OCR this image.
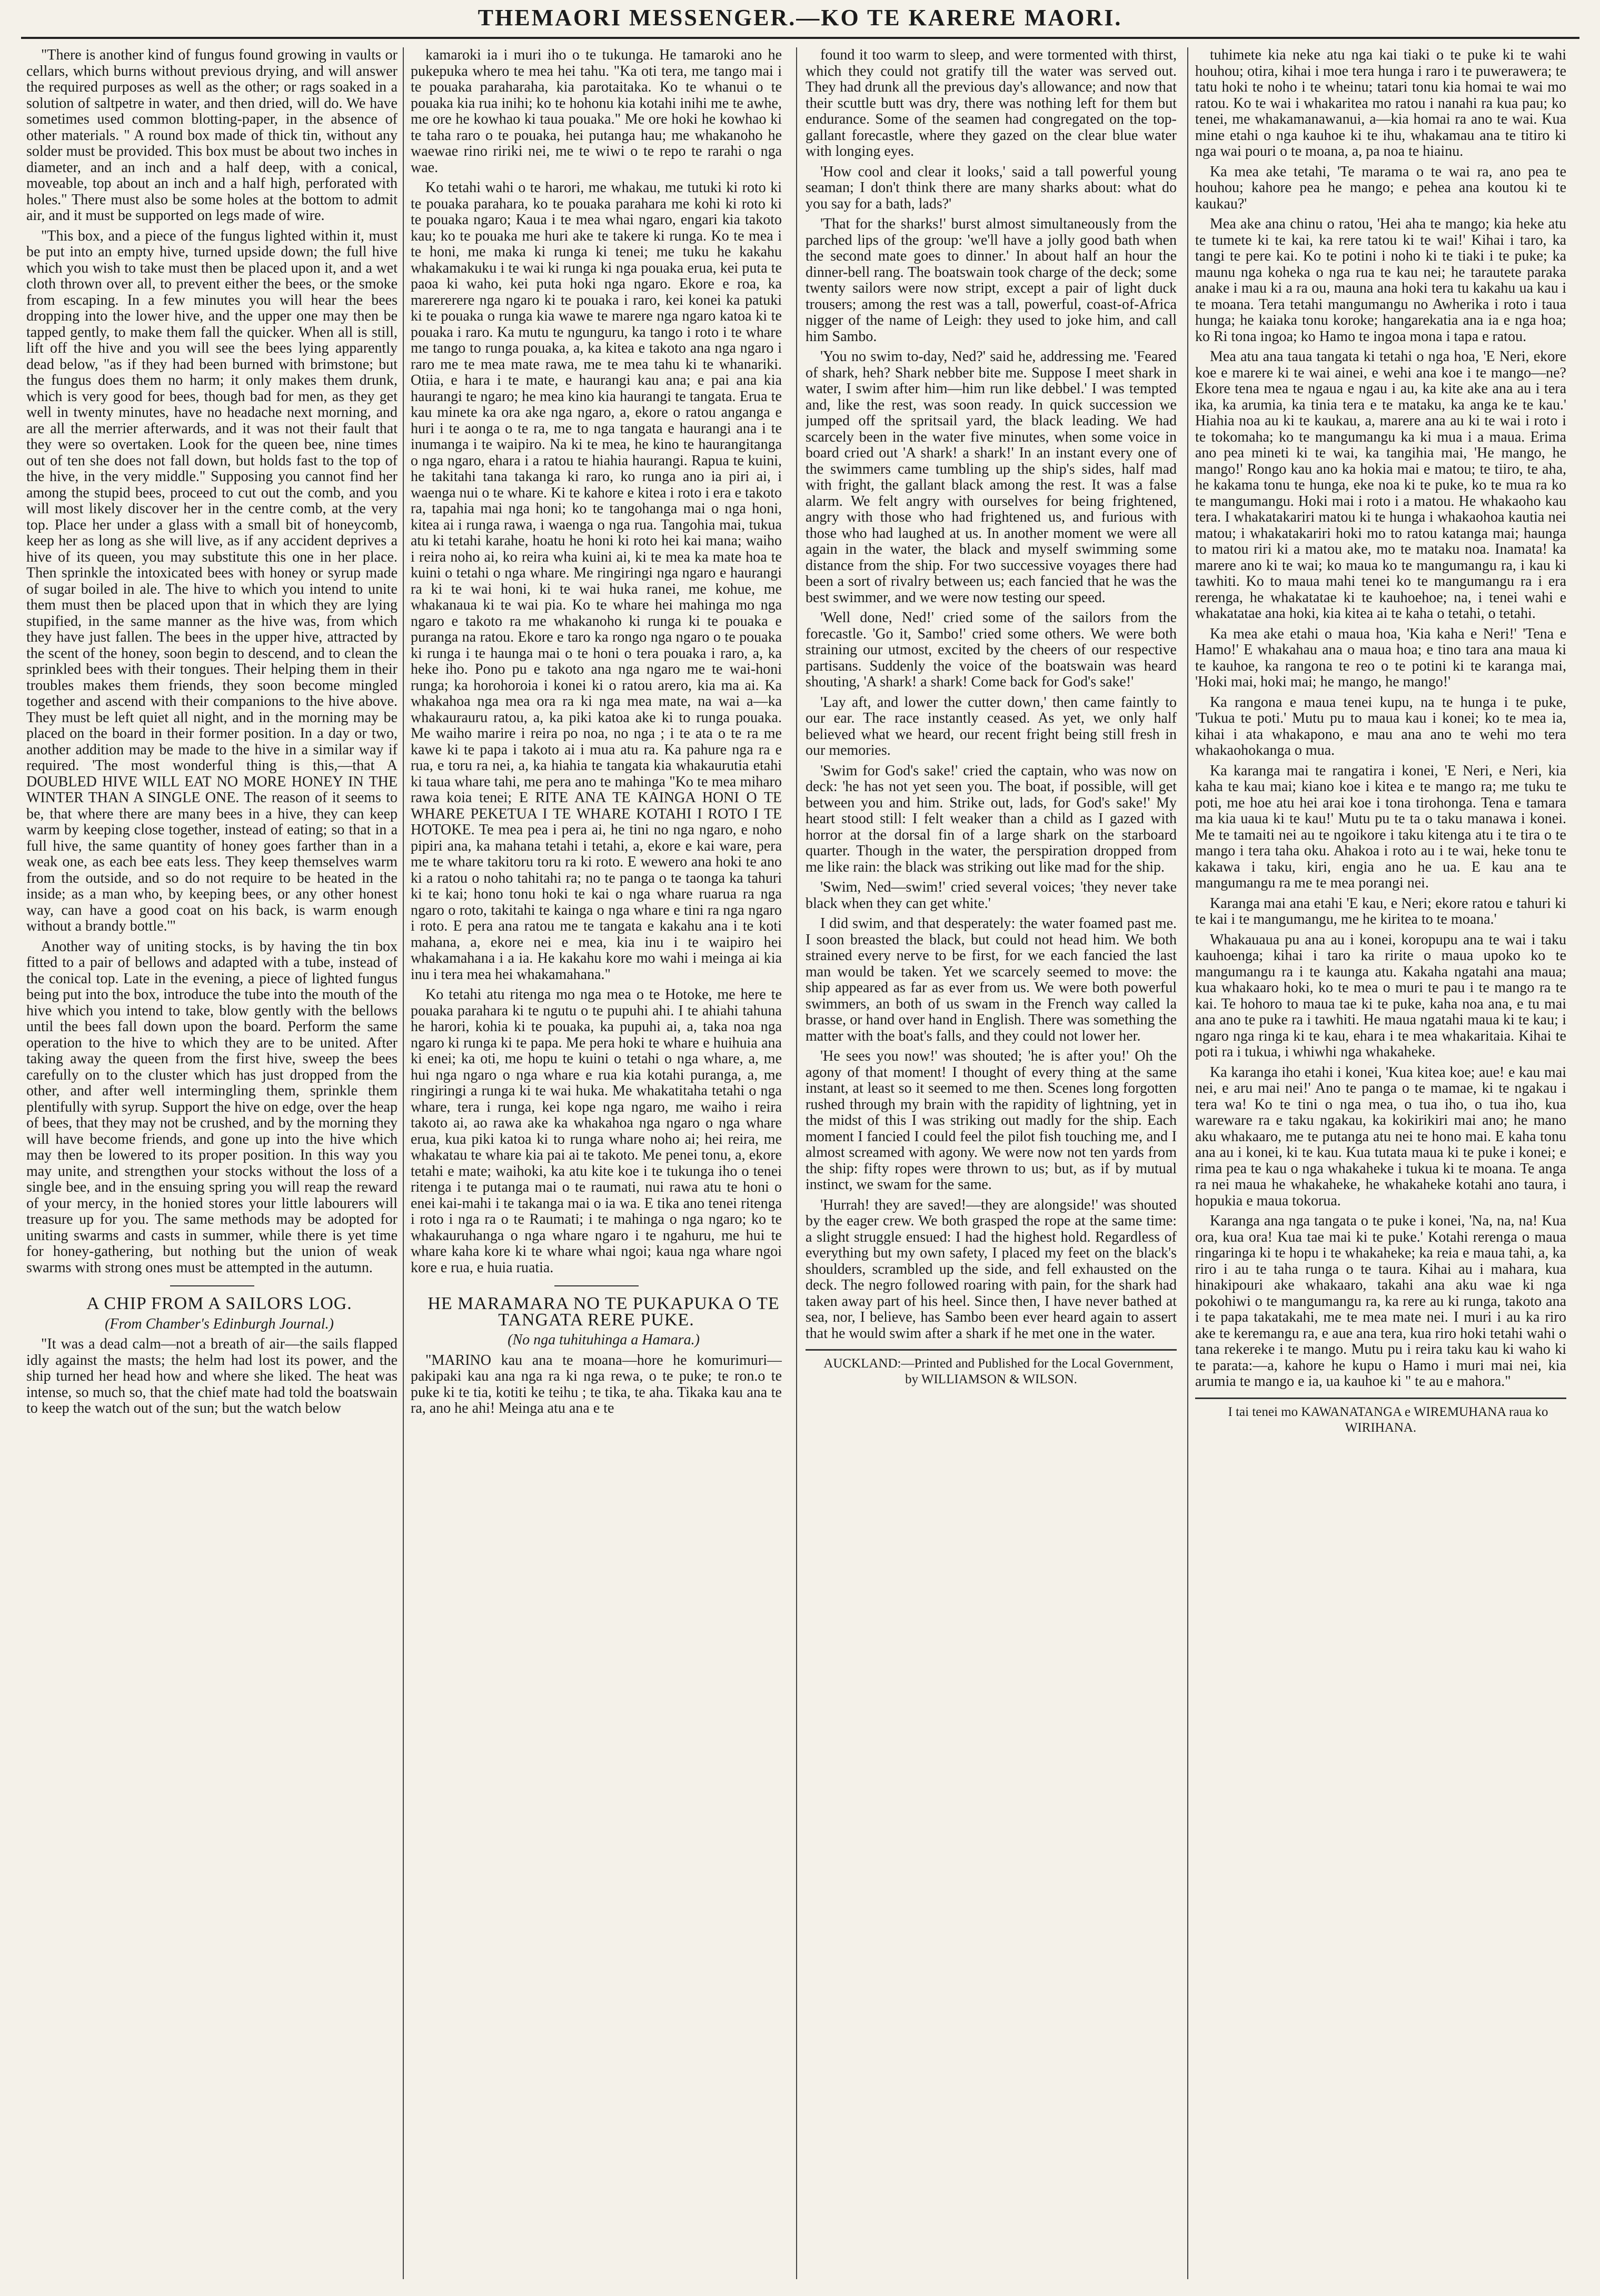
THEMAORI MESSENGER.—KO TE KARERE MAORI.

"There is another kind of fungus found growing in vaults or cellars, which burns without previous drying, and will answer the required purposes as well as the other; or rags soaked in a solution of saltpetre in water, and then dried, will do. We have sometimes used common blotting-paper, in the absence of other materials. " A round box made of thick tin, without any solder must be provided. This box must be about two inches in diameter, and an inch and a half deep, with a conical, moveable, top about an inch and a half high, perforated with holes." There must also be some holes at the bottom to admit air, and it must be supported on legs made of wire.

"This box, and a piece of the fungus lighted within it, must be put into an empty hive, turned upside down; the full hive which you wish to take must then be placed upon it, and a wet cloth thrown over all, to prevent either the bees, or the smoke from escaping. In a few minutes you will hear the bees dropping into the lower hive, and the upper one may then be tapped gently, to make them fall the quicker. When all is still, lift off the hive and you will see the bees lying apparently dead below, "as if they had been burned with brimstone; but the fungus does them no harm; it only makes them drunk, which is very good for bees, though bad for men, as they get well in twenty minutes, have no headache next morning, and are all the merrier afterwards, and it was not their fault that they were so overtaken. Look for the queen bee, nine times out of ten she does not fall down, but holds fast to the top of the hive, in the very middle." Supposing you cannot find her among the stupid bees, proceed to cut out the comb, and you will most likely discover her in the centre comb, at the very top. Place her under a glass with a small bit of honeycomb, keep her as long as she will live, as if any accident deprives a hive of its queen, you may substitute this one in her place. Then sprinkle the intoxicated bees with honey or syrup made of sugar boiled in ale. The hive to which you intend to unite them must then be placed upon that in which they are lying stupified, in the same manner as the hive was, from which they have just fallen. The bees in the upper hive, attracted by the scent of the honey, soon begin to descend, and to clean the sprinkled bees with their tongues. Their helping them in their troubles makes them friends, they soon become mingled together and ascend with their companions to the hive above. They must be left quiet all night, and in the morning may be placed on the board in their former position. In a day or two, another addition may be made to the hive in a similar way if required. 'The most wonderful thing is this,—that A DOUBLED HIVE WILL EAT NO MORE HONEY IN THE WINTER THAN A SINGLE ONE. The reason of it seems to be, that where there are many bees in a hive, they can keep warm by keeping close together, instead of eating; so that in a full hive, the same quantity of honey goes farther than in a weak one, as each bee eats less. They keep themselves warm from the outside, and so do not require to be heated in the inside; as a man who, by keeping bees, or any other honest way, can have a good coat on his back, is warm enough without a brandy bottle.'"

Another way of uniting stocks, is by having the tin box fitted to a pair of bellows and adapted with a tube, instead of the conical top. Late in the evening, a piece of lighted fungus being put into the box, introduce the tube into the mouth of the hive which you intend to take, blow gently with the bellows until the bees fall down upon the board. Perform the same operation to the hive to which they are to be united. After taking away the queen from the first hive, sweep the bees carefully on to the cluster which has just dropped from the other, and after well intermingling them, sprinkle them plentifully with syrup. Support the hive on edge, over the heap of bees, that they may not be crushed, and by the morning they will have become friends, and gone up into the hive which may then be lowered to its proper position. In this way you may unite, and strengthen your stocks without the loss of a single bee, and in the ensuing spring you will reap the reward of your mercy, in the honied stores your little labourers will treasure up for you. The same methods may be adopted for uniting swarms and casts in summer, while there is yet time for honey-gathering, but nothing but the union of weak swarms with strong ones must be attempted in the autumn.

A CHIP FROM A SAILORS LOG.

(From Chamber's Edinburgh Journal.)

"It was a dead calm—not a breath of air—the sails flapped idly against the masts; the helm had lost its power, and the ship turned her head how and where she liked. The heat was intense, so much so, that the chief mate had told the boatswain to keep the watch out of the sun; but the watch below

kamaroki ia i muri iho o te tukunga. He tamaroki ano he pukepuka whero te mea hei tahu. "Ka oti tera, me tango mai i te pouaka paraharaha, kia parotaitaka. Ko te whanui o te pouaka kia rua inihi; ko te hohonu kia kotahi inihi me te awhe, me ore he kowhao ki taua pouaka." Me ore hoki he kowhao ki te taha raro o te pouaka, hei putanga hau; me whakanoho he waewae rino ririki nei, me te wiwi o te repo te rarahi o nga wae.

Ko tetahi wahi o te harori, me whakau, me tutuki ki roto ki te pouaka parahara, ko te pouaka parahara me kohi ki roto ki te pouaka ngaro; Kaua i te mea whai ngaro, engari kia takoto kau; ko te pouaka me huri ake te takere ki runga. Ko te mea i te honi, me maka ki runga ki tenei; me tuku he kakahu whakamakuku i te wai ki runga ki nga pouaka erua, kei puta te paoa ki waho, kei puta hoki nga ngaro. Ekore e roa, ka marererere nga ngaro ki te pouaka i raro, kei konei ka patuki ki te pouaka o runga kia wawe te marere nga ngaro katoa ki te pouaka i raro. Ka mutu te ngunguru, ka tango i roto i te whare me tango to runga pouaka, a, ka kitea e takoto ana nga ngaro i raro me te mea mate rawa, me te mea tahu ki te whanariki. Otiia, e hara i te mate, e haurangi kau ana; e pai ana kia haurangi te ngaro; he mea kino kia haurangi te tangata. Erua te kau minete ka ora ake nga ngaro, a, ekore o ratou anganga e huri i te aonga o te ra, me to nga tangata e haurangi ana i te inumanga i te waipiro. Na ki te mea, he kino te haurangitanga o nga ngaro, ehara i a ratou te hiahia haurangi. Rapua te kuini, he takitahi tana takanga ki raro, ko runga ano ia piri ai, i waenga nui o te whare. Ki te kahore e kitea i roto i era e takoto ra, tapahia mai nga honi; ko te tangohanga mai o nga honi, kitea ai i runga rawa, i waenga o nga rua. Tangohia mai, tukua atu ki tetahi karahe, hoatu he honi ki roto hei kai mana; waiho i reira noho ai, ko reira wha kuini ai, ki te mea ka mate hoa te kuini o tetahi o nga whare. Me ringiringi nga ngaro e haurangi ra ki te wai honi, ki te wai huka ranei, me kohue, me whakanaua ki te wai pia. Ko te whare hei mahinga mo nga ngaro e takoto ra me whakanoho ki runga ki te pouaka e puranga na ratou. Ekore e taro ka rongo nga ngaro o te pouaka ki runga i te haunga mai o te honi o tera pouaka i raro, a, ka heke iho. Pono pu e takoto ana nga ngaro me te wai-honi runga; ka horohoroia i konei ki o ratou arero, kia ma ai. Ka whakahoa nga mea ora ra ki nga mea mate, na wai a—ka whakaurauru ratou, a, ka piki katoa ake ki to runga pouaka. Me waiho marire i reira po noa, no nga ; i te ata o te ra me kawe ki te papa i takoto ai i mua atu ra. Ka pahure nga ra e rua, e toru ra nei, a, ka hiahia te tangata kia whakaurutia etahi ki taua whare tahi, me pera ano te mahinga "Ko te mea miharo rawa koia tenei; E RITE ANA TE KAINGA HONI O TE WHARE PEKETUA I TE WHARE KOTAHI I ROTO I TE HOTOKE. Te mea pea i pera ai, he tini no nga ngaro, e noho pipiri ana, ka mahana tetahi i tetahi, a, ekore e kai ware, pera me te whare takitoru toru ra ki roto. E wewero ana hoki te ano ki a ratou o noho tahitahi ra; no te panga o te taonga ka tahuri ki te kai; hono tonu hoki te kai o nga whare ruarua ra nga ngaro o roto, takitahi te kainga o nga whare e tini ra nga ngaro i roto. E pera ana ratou me te tangata e kakahu ana i te koti mahana, a, ekore nei e mea, kia inu i te waipiro hei whakamahana i a ia. He kakahu kore mo wahi i meinga ai kia inu i tera mea hei whakamahana."

Ko tetahi atu ritenga mo nga mea o te Hotoke, me here te pouaka parahara ki te ngutu o te pupuhi ahi. I te ahiahi tahuna he harori, kohia ki te pouaka, ka pupuhi ai, a, taka noa nga ngaro ki runga ki te papa. Me pera hoki te whare e huihuia ana ki enei; ka oti, me hopu te kuini o tetahi o nga whare, a, me hui nga ngaro o nga whare e rua kia kotahi puranga, a, me ringiringi a runga ki te wai huka. Me whakatitaha tetahi o nga whare, tera i runga, kei kope nga ngaro, me waiho i reira takoto ai, ao rawa ake ka whakahoa nga ngaro o nga whare erua, kua piki katoa ki to runga whare noho ai; hei reira, me whakatau te whare kia pai ai te takoto. Me penei tonu, a, ekore tetahi e mate; waihoki, ka atu kite koe i te tukunga iho o tenei ritenga i te putanga mai o te raumati, nui rawa atu te honi o enei kai-mahi i te takanga mai o ia wa. E tika ano tenei ritenga i roto i nga ra o te Raumati; i te mahinga o nga ngaro; ko te whakauruhanga o nga whare ngaro i te ngahuru, me hui te whare kaha kore ki te whare whai ngoi; kaua nga whare ngoi kore e rua, e huia ruatia.

HE MARAMARA NO TE PUKAPUKA O TE TANGATA RERE PUKE.

(No nga tuhituhinga a Hamara.)

"MARINO kau ana te moana—hore he komurimuri—pakipaki kau ana nga ra ki nga rewa, o te puke; te ron.o te puke ki te tia, kotiti ke teihu ; te tika, te aha. Tikaka kau ana te ra, ano he ahi! Meinga atu ana e te

found it too warm to sleep, and were tormented with thirst, which they could not gratify till the water was served out. They had drunk all the previous day's allowance; and now that their scuttle butt was dry, there was nothing left for them but endurance. Some of the seamen had congregated on the top-gallant forecastle, where they gazed on the clear blue water with longing eyes.

'How cool and clear it looks,' said a tall powerful young seaman; I don't think there are many sharks about: what do you say for a bath, lads?'

'That for the sharks!' burst almost simultaneously from the parched lips of the group: 'we'll have a jolly good bath when the second mate goes to dinner.' In about half an hour the dinner-bell rang. The boatswain took charge of the deck; some twenty sailors were now stript, except a pair of light duck trousers; among the rest was a tall, powerful, coast-of-Africa nigger of the name of Leigh: they used to joke him, and call him Sambo.

'You no swim to-day, Ned?' said he, addressing me. 'Feared of shark, heh? Shark nebber bite me. Suppose I meet shark in water, I swim after him—him run like debbel.' I was tempted and, like the rest, was soon ready. In quick succession we jumped off the spritsail yard, the black leading. We had scarcely been in the water five minutes, when some voice in board cried out 'A shark! a shark!' In an instant every one of the swimmers came tumbling up the ship's sides, half mad with fright, the gallant black among the rest. It was a false alarm. We felt angry with ourselves for being frightened, angry with those who had frightened us, and furious with those who had laughed at us. In another moment we were all again in the water, the black and myself swimming some distance from the ship. For two successive voyages there had been a sort of rivalry between us; each fancied that he was the best swimmer, and we were now testing our speed.

'Well done, Ned!' cried some of the sailors from the forecastle. 'Go it, Sambo!' cried some others. We were both straining our utmost, excited by the cheers of our respective partisans. Suddenly the voice of the boatswain was heard shouting, 'A shark! a shark! Come back for God's sake!'

'Lay aft, and lower the cutter down,' then came faintly to our ear. The race instantly ceased. As yet, we only half believed what we heard, our recent fright being still fresh in our memories.

'Swim for God's sake!' cried the captain, who was now on deck: 'he has not yet seen you. The boat, if possible, will get between you and him. Strike out, lads, for God's sake!' My heart stood still: I felt weaker than a child as I gazed with horror at the dorsal fin of a large shark on the starboard quarter. Though in the water, the perspiration dropped from me like rain: the black was striking out like mad for the ship.

'Swim, Ned—swim!' cried several voices; 'they never take black when they can get white.'

I did swim, and that desperately: the water foamed past me. I soon breasted the black, but could not head him. We both strained every nerve to be first, for we each fancied the last man would be taken. Yet we scarcely seemed to move: the ship appeared as far as ever from us. We were both powerful swimmers, an both of us swam in the French way called la brasse, or hand over hand in English. There was something the matter with the boat's falls, and they could not lower her.

'He sees you now!' was shouted; 'he is after you!' Oh the agony of that moment! I thought of every thing at the same instant, at least so it seemed to me then. Scenes long forgotten rushed through my brain with the rapidity of lightning, yet in the midst of this I was striking out madly for the ship. Each moment I fancied I could feel the pilot fish touching me, and I almost screamed with agony. We were now not ten yards from the ship: fifty ropes were thrown to us; but, as if by mutual instinct, we swam for the same.

'Hurrah! they are saved!—they are alongside!' was shouted by the eager crew. We both grasped the rope at the same time: a slight struggle ensued: I had the highest hold. Regardless of everything but my own safety, I placed my feet on the black's shoulders, scrambled up the side, and fell exhausted on the deck. The negro followed roaring with pain, for the shark had taken away part of his heel. Since then, I have never bathed at sea, nor, I believe, has Sambo been ever heard again to assert that he would swim after a shark if he met one in the water.

AUCKLAND:—Printed and Published for the Local Government, by WILLIAMSON & WILSON.

tuhimete kia neke atu nga kai tiaki o te puke ki te wahi houhou; otira, kihai i moe tera hunga i raro i te puwerawera; te tatu hoki te noho i te wheinu; tatari tonu kia homai te wai mo ratou. Ko te wai i whakaritea mo ratou i nanahi ra kua pau; ko tenei, me whakamanawanui, a—kia homai ra ano te wai. Kua mine etahi o nga kauhoe ki te ihu, whakamau ana te titiro ki nga wai pouri o te moana, a, pa noa te hiainu.

Ka mea ake tetahi, 'Te marama o te wai ra, ano pea te houhou; kahore pea he mango; e pehea ana koutou ki te kaukau?'

Mea ake ana chinu o ratou, 'Hei aha te mango; kia heke atu te tumete ki te kai, ka rere tatou ki te wai!' Kihai i taro, ka tangi te pere kai. Ko te potini i noho ki te tiaki i te puke; ka maunu nga koheka o nga rua te kau nei; he tarautete paraka anake i mau ki a ra ou, mauna ana hoki tera tu kakahu ua kau i te moana. Tera tetahi mangumangu no Awherika i roto i taua hunga; he kaiaka tonu koroke; hangarekatia ana ia e nga hoa; ko Ri tona ingoa; ko Hamo te ingoa mona i tapa e ratou.

Mea atu ana taua tangata ki tetahi o nga hoa, 'E Neri, ekore koe e marere ki te wai ainei, e wehi ana koe i te mango—ne? Ekore tena mea te ngaua e ngau i au, ka kite ake ana au i tera ika, ka arumia, ka tinia tera e te mataku, ka anga ke te kau.' Hiahia noa au ki te kaukau, a, marere ana au ki te wai i roto i te tokomaha; ko te mangumangu ka ki mua i a maua. Erima ano pea mineti ki te wai, ka tangihia mai, 'He mango, he mango!' Rongo kau ano ka hokia mai e matou; te tiiro, te aha, he kakama tonu te hunga, eke noa ki te puke, ko te mua ra ko te mangumangu. Hoki mai i roto i a matou. He whakaoho kau tera. I whakatakariri matou ki te hunga i whakaohoa kautia nei matou; i whakatakariri hoki mo to ratou katanga mai; haunga to matou riri ki a matou ake, mo te mataku noa. Inamata! ka marere ano ki te wai; ko maua ko te mangumangu ra, i kau ki tawhiti. Ko to maua mahi tenei ko te mangumangu ra i era rerenga, he whakatatae ki te kauhoehoe; na, i tenei wahi e whakatatae ana hoki, kia kitea ai te kaha o tetahi, o tetahi.

Ka mea ake etahi o maua hoa, 'Kia kaha e Neri!' 'Tena e Hamo!' E whakahau ana o maua hoa; e tino tara ana maua ki te kauhoe, ka rangona te reo o te potini ki te karanga mai, 'Hoki mai, hoki mai; he mango, he mango!'

Ka rangona e maua tenei kupu, na te hunga i te puke, 'Tukua te poti.' Mutu pu to maua kau i konei; ko te mea ia, kihai i ata whakapono, e mau ana ano te wehi mo tera whakaohokanga o mua.

Ka karanga mai te rangatira i konei, 'E Neri, e Neri, kia kaha te kau mai; kiano koe i kitea e te mango ra; me tuku te poti, me hoe atu hei arai koe i tona tirohonga. Tena e tamara ma kia uaua ki te kau!' Mutu pu te ta o taku manawa i konei. Me te tamaiti nei au te ngoikore i taku kitenga atu i te tira o te mango i tera taha oku. Ahakoa i roto au i te wai, heke tonu te kakawa i taku, kiri, engia ano he ua. E kau ana te mangumangu ra me te mea porangi nei.

Karanga mai ana etahi 'E kau, e Neri; ekore ratou e tahuri ki te kai i te mangumangu, me he kiritea to te moana.'

Whakauaua pu ana au i konei, koropupu ana te wai i taku kauhoenga; kihai i taro ka ririte o maua upoko ko te mangumangu ra i te kaunga atu. Kakaha ngatahi ana maua; kua whakaaro hoki, ko te mea o muri te pau i te mango ra te kai. Te hohoro to maua tae ki te puke, kaha noa ana, e tu mai ana ano te puke ra i tawhiti. He maua ngatahi maua ki te kau; i ngaro nga ringa ki te kau, ehara i te mea whakaritaia. Kihai te poti ra i tukua, i whiwhi nga whakaheke.

Ka karanga iho etahi i konei, 'Kua kitea koe; aue! e kau mai nei, e aru mai nei!' Ano te panga o te mamae, ki te ngakau i tera wa! Ko te tini o nga mea, o tua iho, o tua iho, kua wareware ra e taku ngakau, ka kokirikiri mai ano; he mano aku whakaaro, me te putanga atu nei te hono mai. E kaha tonu ana au i konei, ki te kau. Kua tutata maua ki te puke i konei; e rima pea te kau o nga whakaheke i tukua ki te moana. Te anga ra nei maua he whakaheke, he whakaheke kotahi ano taura, i hopukia e maua tokorua.

Karanga ana nga tangata o te puke i konei, 'Na, na, na! Kua ora, kua ora! Kua tae mai ki te puke.' Kotahi rerenga o maua ringaringa ki te hopu i te whakaheke; ka reia e maua tahi, a, ka riro i au te taha runga o te taura. Kihai au i mahara, kua hinakipouri ake whakaaro, takahi ana aku wae ki nga pokohiwi o te mangumangu ra, ka rere au ki runga, takoto ana i te papa takatakahi, me te mea mate nei. I muri i au ka riro ake te keremangu ra, e aue ana tera, kua riro hoki tetahi wahi o tana rekereke i te mango. Mutu pu i reira taku kau ki waho ki te parata:—a, kahore he kupu o Hamo i muri mai nei, kia arumia te mango e ia, ua kauhoe ki " te au e mahora."

I tai tenei mo KAWANATANGA e WIREMUHANA raua ko WIRIHANA.
